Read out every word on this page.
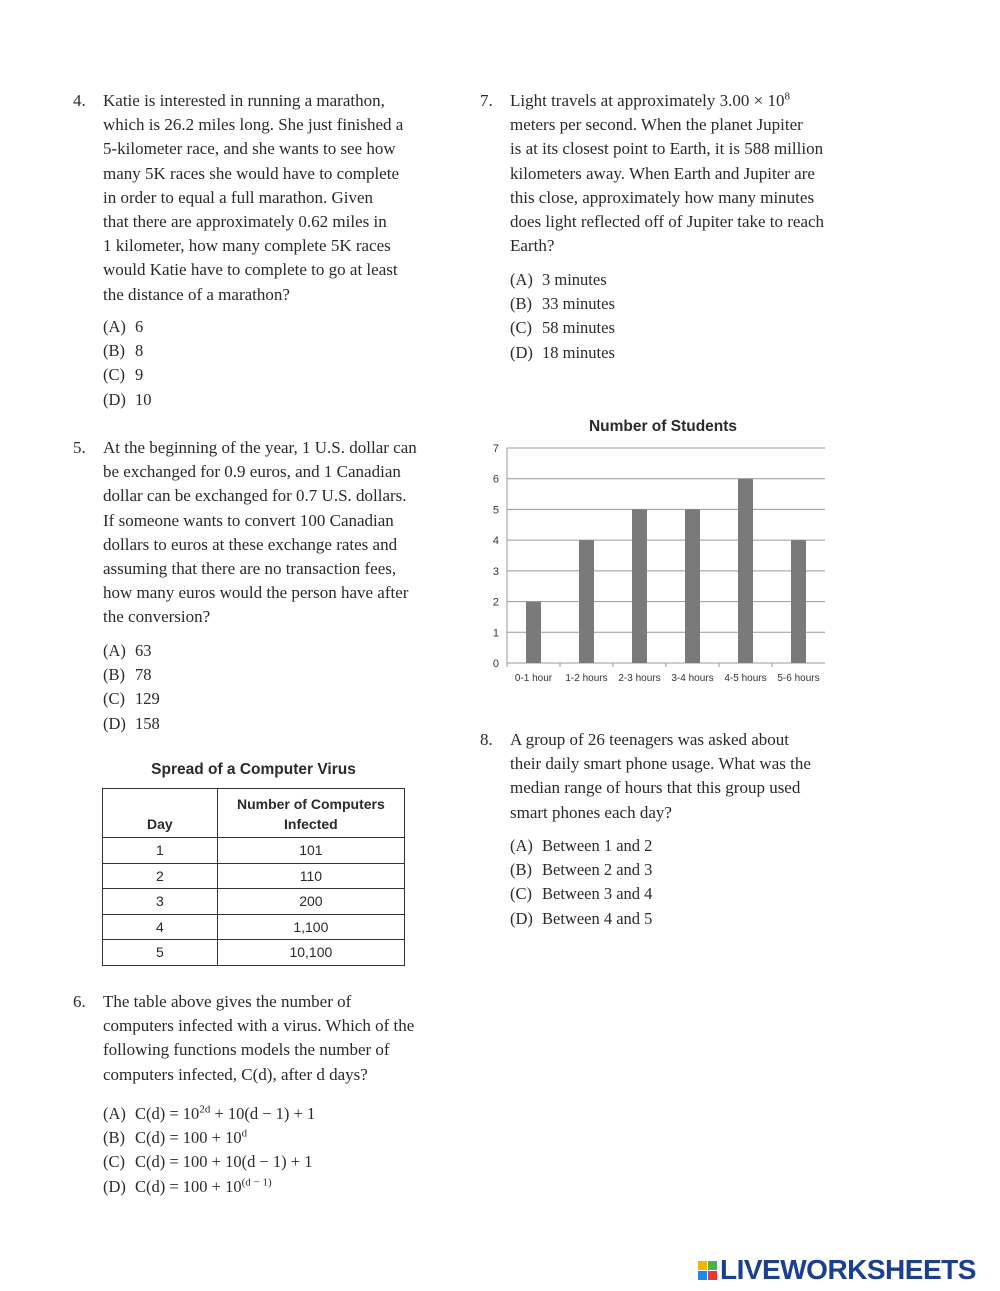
4. Katie is interested in running a marathon,
which is 26.2 miles long. She just finished a
5-kilometer race, and she wants to see how
many 5K races she would have to complete
in order to equal a full marathon. Given
that there are approximately 0.62 miles in
1 kilometer, how many complete 5K races
would Katie have to complete to go at least
the distance of a marathon?
(A) 6
(B) 8
(C) 9
(D) 10
5. At the beginning of the year, 1 U.S. dollar can
be exchanged for 0.9 euros, and 1 Canadian
dollar can be exchanged for 0.7 U.S. dollars.
If someone wants to convert 100 Canadian
dollars to euros at these exchange rates and
assuming that there are no transaction fees,
how many euros would the person have after
the conversion?
(A) 63
(B) 78
(C) 129
(D) 158
Spread of a Computer Virus
Day	Number of Computers Infected
1	101
2	110
3	200
4	1,100
5	10,100
6. The table above gives the number of
computers infected with a virus. Which of the
following functions models the number of
computers infected, C(d), after d days?
(A) $C(d) = 10^{2d} + 10(d - 1) + 1$
(B) $C(d) = 100 + 10^d$
(C) C(d) = 100 + 10(d − 1) + 1
(D) $C(d) = 100 + 10^{(d - 1)}$
7. Light travels at approximately $3.00 \times 10^8$
meters per second. When the planet Jupiter
is at its closest point to Earth, it is 588 million
kilometers away. When Earth and Jupiter are
this close, approximately how many minutes
does light reflected off of Jupiter take to reach
Earth?
(A) 3 minutes
(B) 33 minutes
(C) 58 minutes
(D) 18 minutes
Number of Students
0
1
2
3
4
5
6
7
0-1 hour 1-2 hours 2-3 hours 3-4 hours 4-5 hours 5-6 hours
8. A group of 26 teenagers was asked about
their daily smart phone usage. What was the
median range of hours that this group used
smart phones each day?
(A) Between 1 and 2
(B) Between 2 and 3
(C) Between 3 and 4
(D) Between 4 and 5
LIVEWORKSHEETS
